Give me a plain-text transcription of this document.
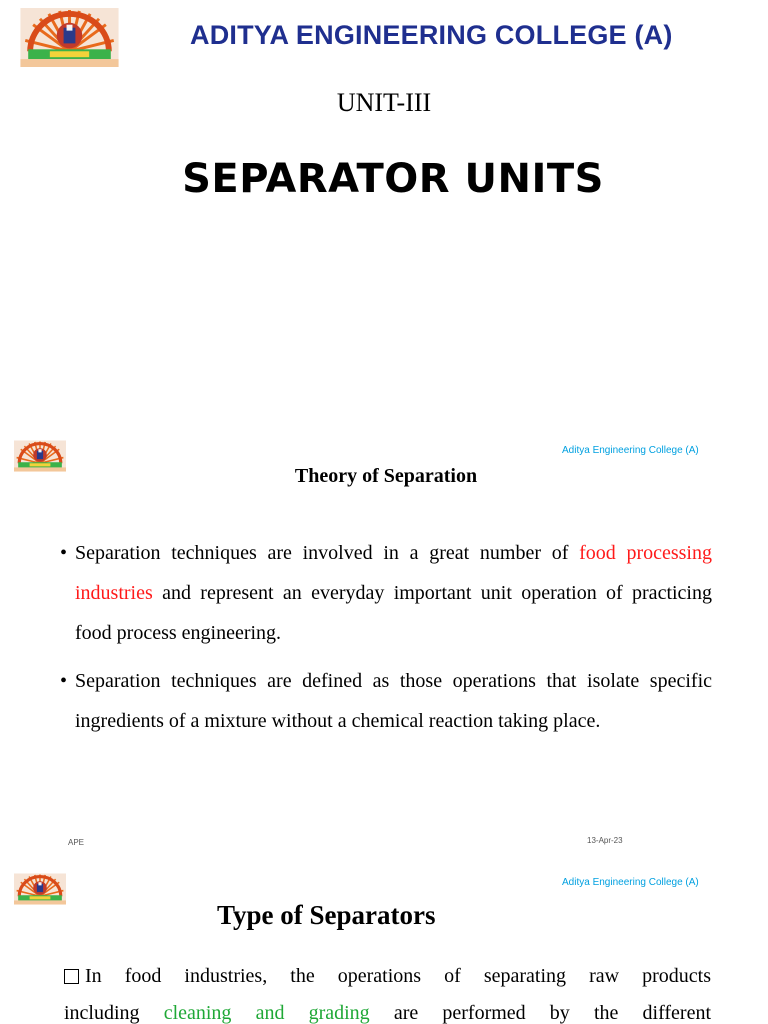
ADITYA ENGINEERING COLLEGE (A)
UNIT-III
SEPARATOR UNITS
Aditya Engineering College (A)
Theory of Separation
• Separation techniques are involved in a great number of food processing industries and represent an everyday important unit operation of practicing food process engineering.
• Separation techniques are defined as those operations that isolate specific ingredients of a mixture without a chemical reaction taking place.
APE	13-Apr-23
Aditya Engineering College (A)
Type of Separators
In food industries, the operations of separating raw products
including cleaning and grading are performed by the different
